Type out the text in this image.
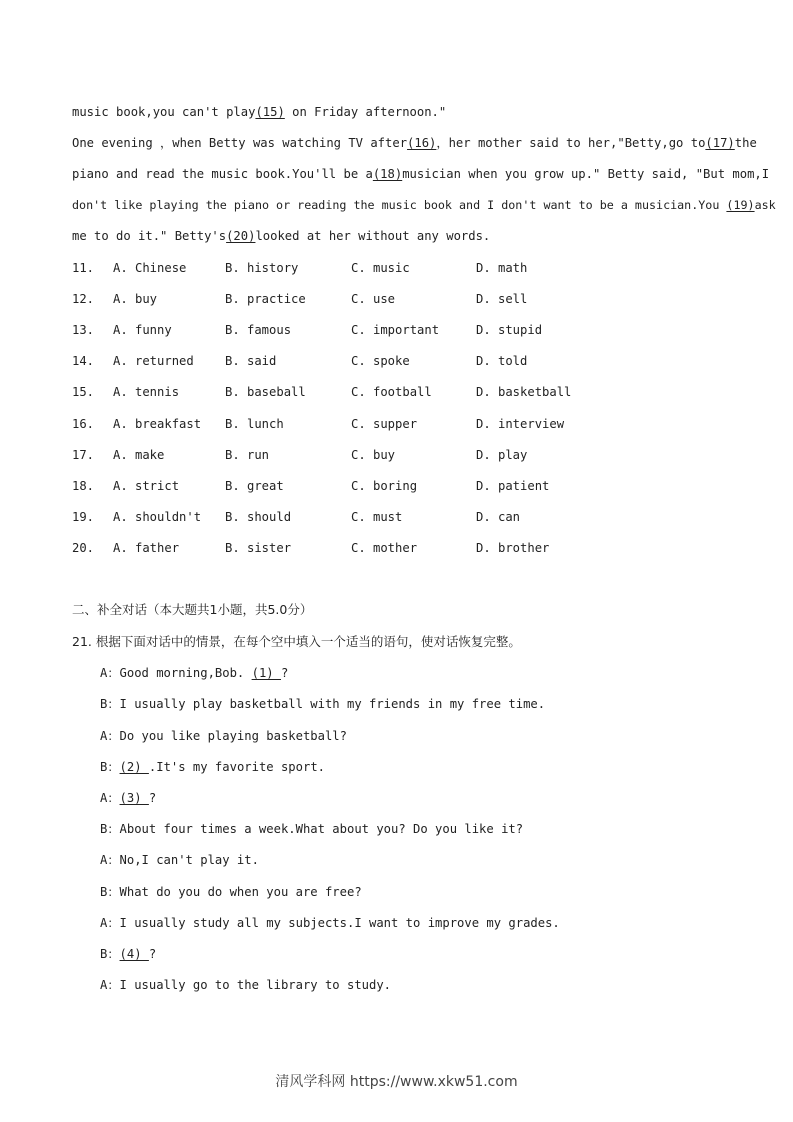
music book,you can't play(15) on Friday afternoon."
One evening ，when Betty was watching TV after(16)，her mother said to her,"Betty,go to(17)the
piano and read the music book.You'll be a(18)musician when you grow up." Betty said, "But mom,I
don't like playing the piano or reading the music book and I don't want to be a musician.You (19)ask
me to do it." Betty's(20)looked at her without any words.
11. A. Chinese	B. history	C. music	D. math
12. A. buy	B. practice	C. use	D. sell
13. A. funny	B. famous	C. important	D. stupid
14. A. returned	B. said	C. spoke	D. told
15. A. tennis	B. baseball	C. football	D. basketball
16. A. breakfast B. lunch	C. supper	D. interview
17. A. make	B. run	C. buy	D. play
18. A. strict	B. great	C. boring	D. patient
19. A. shouldn't B. should	C. must	D. can
20. A. father	B. sister	C. mother	D. brother
二、补全对话（本大题共1小题，共5.0分）
21. 根据下面对话中的情景，在每个空中填入一个适当的语句，使对话恢复完整。
A：Good morning,Bob. (1) ?
B：I usually play basketball with my friends in my free time.
A：Do you like playing basketball?
B：(2) .It's my favorite sport.
A：(3) ?
B：About four times a week.What about you? Do you like it?
A：No,I can't play it.
B：What do you do when you are free?
A：I usually study all my subjects.I want to improve my grades.
B：(4) ?
A：I usually go to the library to study.
清风学科网 https://www.xkw51.com
